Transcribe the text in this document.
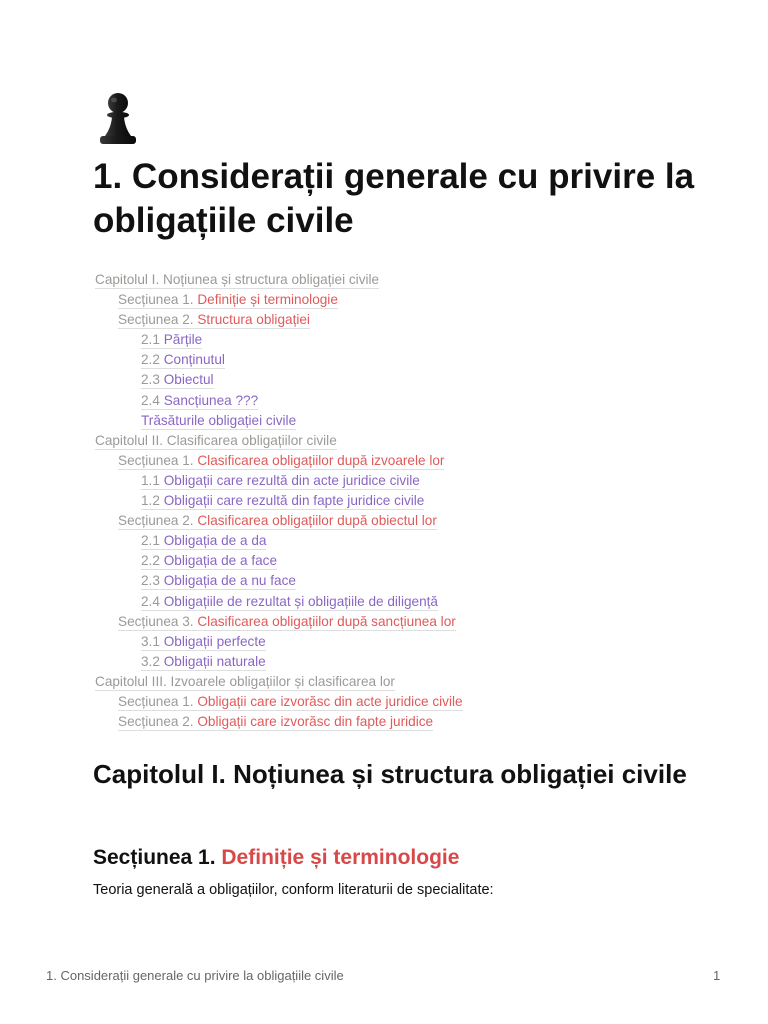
1. Considerații generale cu privire la obligațiile civile
Capitolul I. Noțiunea și structura obligației civile
Secțiunea 1. Definiție și terminologie
Secțiunea 2. Structura obligației
2.1 Părțile
2.2 Conținutul
2.3 Obiectul
2.4 Sancțiunea ???
Trăsăturile obligației civile
Capitolul II. Clasificarea obligațiilor civile
Secțiunea 1. Clasificarea obligațiilor după izvoarele lor
1.1 Obligații care rezultă din acte juridice civile
1.2 Obligații care rezultă din fapte juridice civile
Secțiunea 2. Clasificarea obligațiilor după obiectul lor
2.1 Obligația de a da
2.2 Obligația de a face
2.3 Obligația de a nu face
2.4 Obligațiile de rezultat și obligațiile de diligență
Secțiunea 3. Clasificarea obligațiilor după sancțiunea lor
3.1 Obligații perfecte
3.2 Obligații naturale
Capitolul III. Izvoarele obligațiilor și clasificarea lor
Secțiunea 1. Obligații care izvorăsc din acte juridice civile
Secțiunea 2. Obligații care izvorăsc din fapte juridice
Capitolul I. Noțiunea și structura obligației civile
Secțiunea 1. Definiție și terminologie

Teoria generală a obligațiilor, conform literaturii de specialitate:

1. Considerații generale cu privire la obligațiile civile	1
